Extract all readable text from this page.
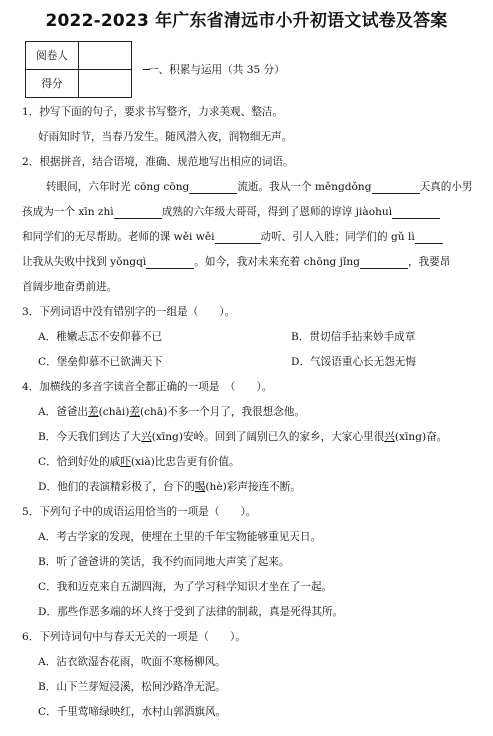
2022-2023 年广东省清远市小升初语文试卷及答案
阅卷人	
得分	
一、积累与运用（共 35 分）
1．抄写下面的句子，要求书写整齐，力求美观、整洁。
好雨知时节，当春乃发生。随风潜入夜，润物细无声。
2．根据拼音，结合语境，准确、规范地写出相应的词语。
转眼间，六年时光 cōng cōng	流逝。我从一个 měngdǒng	天真的小男
孩成为一个 xīn zhì	成熟的六年级大哥哥，得到了恩师的谆谆 jiàohuì
和同学们的无尽帮助。老师的课 wěi wěi	动听、引人入胜；同学们的 gǔ lì
让我从失败中找到 yǒngqì	。如今，我对未来充着 chōng jǐng	，我要昂
首阔步地奋勇前进。
3．下列词语中没有错别字的一组是（　　）。
A．稚嫩忐忑不安仰暮不已	B．贯切信手拈来妙手成章
C．堡垒仰慕不已欲满天下	D．气馁语重心长无怨无悔
4．加横线的多音字读音全都正确的一项是　（　　）。
A．爸爸出差(chāi)差(chā)不多一个月了，我很想念他。
B．今天我们到达了大兴(xīng)安岭。回到了阔别已久的家乡，大家心里很兴(xīng)奋。
C．恰到好处的戚吓(xià)比忠告更有价值。
D．他们的表演精彩极了，台下的喝(hè)彩声接连不断。
5．下列句子中的成语运用恰当的一项是（　　）。
A．考古学家的发现，使埋在土里的千年宝物能够重见天日。
B．听了爸爸讲的笑话，我不约而同地大声笑了起来。
C．我和迈克来自五湖四海，为了学习科学知识才坐在了一起。
D．那些作恶多端的坏人终于受到了法律的制裁，真是死得其所。
6．下列诗词句中与春天无关的一项是（　　）。
A．沾衣欲湿杏花雨，吹面不寒杨柳风。
B．山下兰芽短浸溪，松间沙路净无泥。
C．千里莺啼绿映红，水村山郭酒旗风。
